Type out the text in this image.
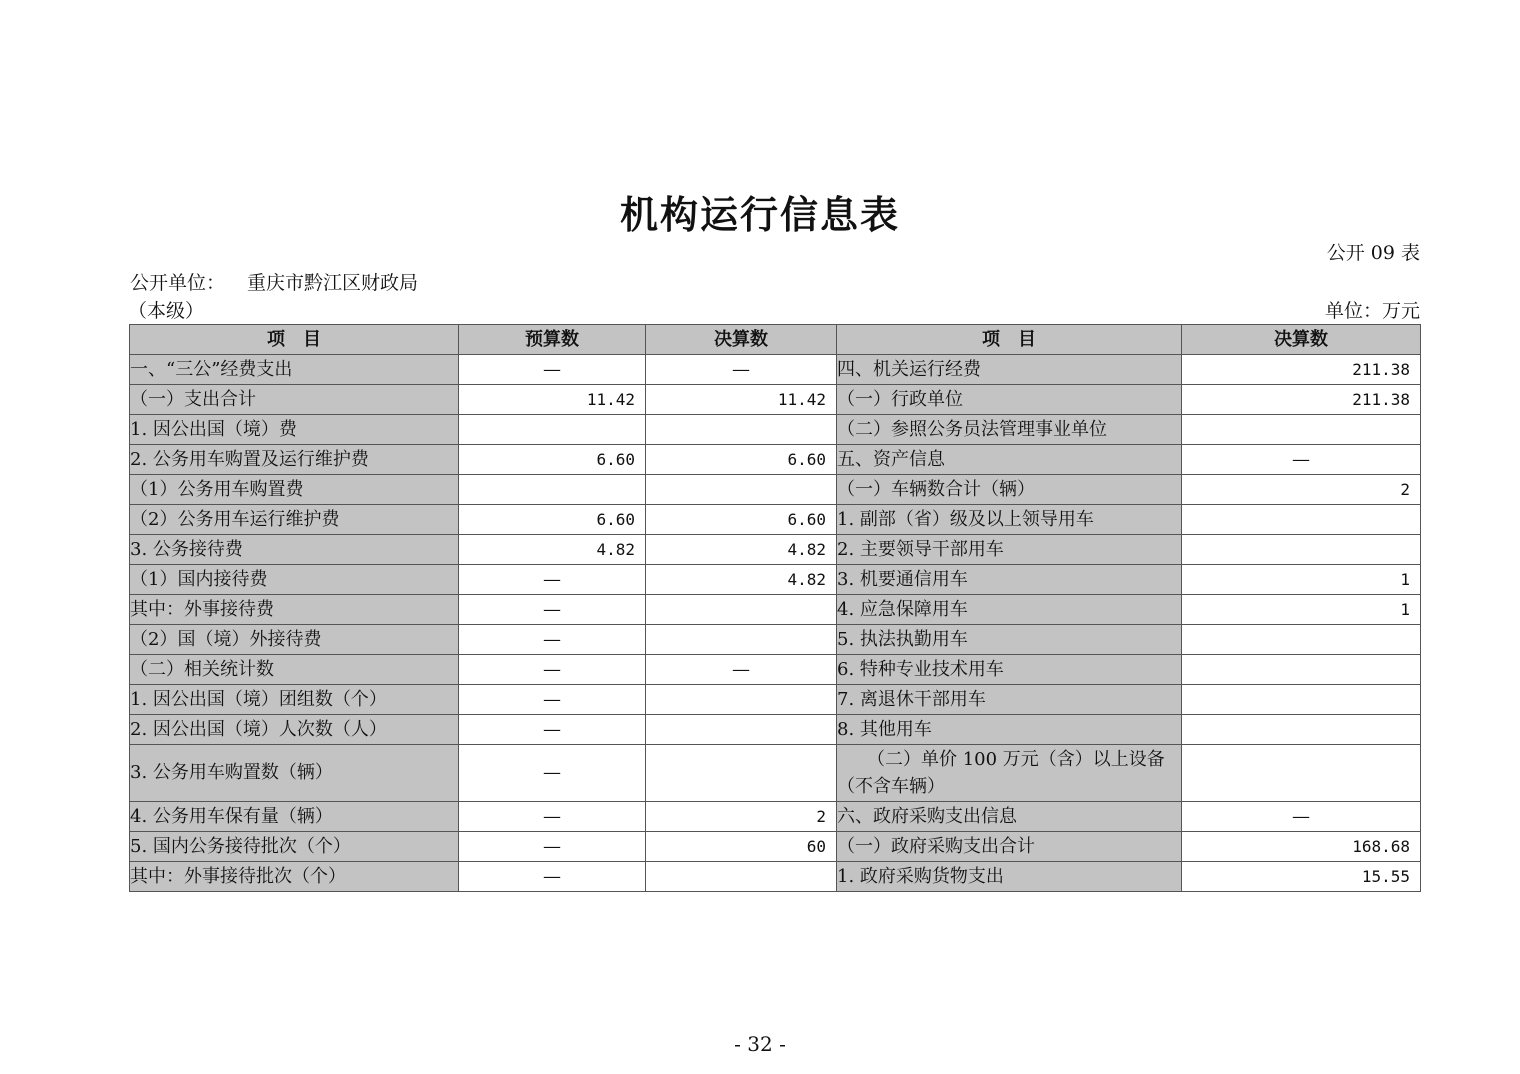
机构运行信息表
公开 09 表
公开单位： 重庆市黔江区财政局
（本级）	单位：万元
项　目	预算数	决算数	项　目	决算数
一、“三公”经费支出	—	—	四、机关运行经费	211.38
（一）支出合计	11.42	11.42	（一）行政单位	211.38
1. 因公出国（境）费			（二）参照公务员法管理事业单位	
2. 公务用车购置及运行维护费	6.60	6.60	五、资产信息	—
（1）公务用车购置费			（一）车辆数合计（辆）	2
（2）公务用车运行维护费	6.60	6.60	1. 副部（省）级及以上领导用车	
3. 公务接待费	4.82	4.82	2. 主要领导干部用车	
（1）国内接待费	—	4.82	3. 机要通信用车	1
其中：外事接待费	—		4. 应急保障用车	1
（2）国（境）外接待费	—		5. 执法执勤用车	
（二）相关统计数	—	—	6. 特种专业技术用车	
1. 因公出国（境）团组数（个）	—		7. 离退休干部用车	
2. 因公出国（境）人次数（人）	—		8. 其他用车	
3. 公务用车购置数（辆）	—		（二）单价 100 万元（含）以上设备（不含车辆）	
4. 公务用车保有量（辆）	—	2	六、政府采购支出信息	—
5. 国内公务接待批次（个）	—	60	（一）政府采购支出合计	168.68
其中：外事接待批次（个）	—		1. 政府采购货物支出	15.55
- 32 -
